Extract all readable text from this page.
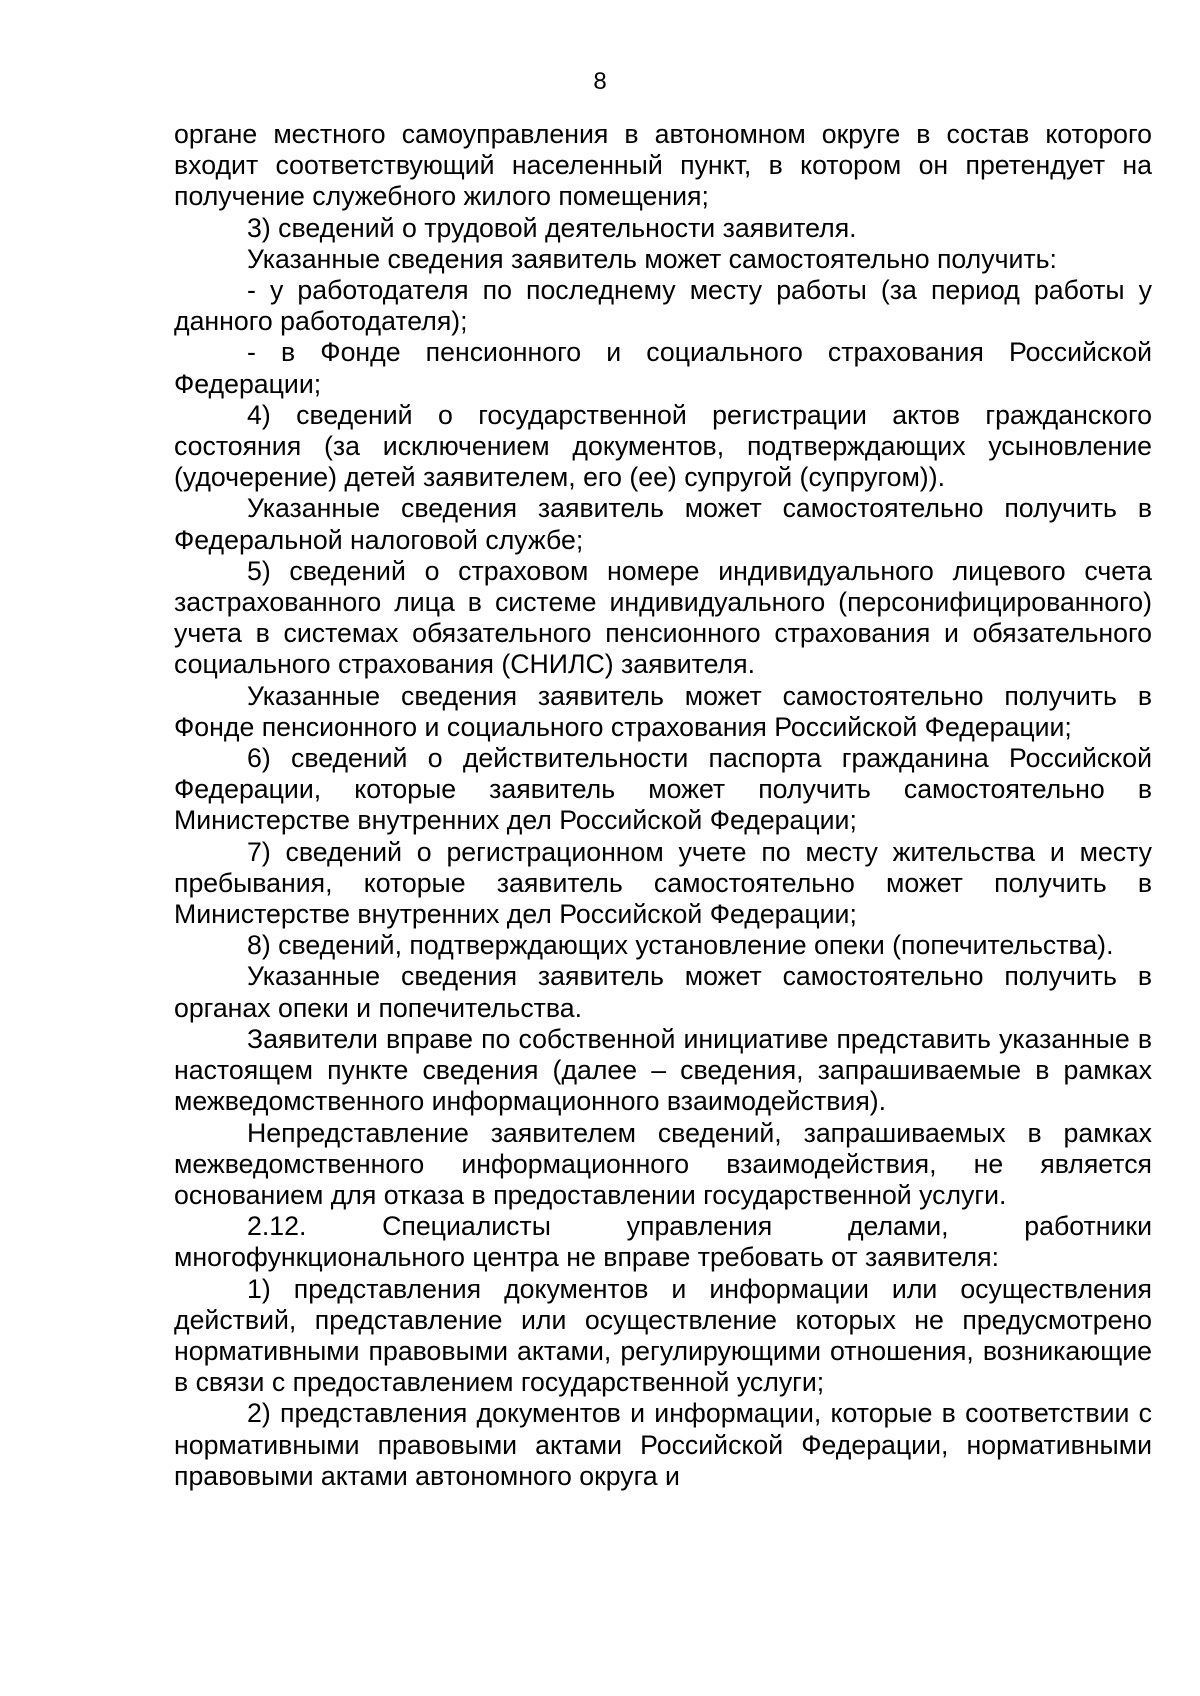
8

органе местного самоуправления в автономном округе в состав которого входит соответствующий населенный пункт, в котором он претендует на получение служебного жилого помещения;

3) сведений о трудовой деятельности заявителя.

Указанные сведения заявитель может самостоятельно получить:

- у работодателя по последнему месту работы (за период работы у данного работодателя);

- в Фонде пенсионного и социального страхования Российской Федерации;

4) сведений о государственной регистрации актов гражданского состояния (за исключением документов, подтверждающих усыновление (удочерение) детей заявителем, его (ее) супругой (супругом)).

Указанные сведения заявитель может самостоятельно получить в Федеральной налоговой службе;

5) сведений о страховом номере индивидуального лицевого счета застрахованного лица в системе индивидуального (персонифицированного) учета в системах обязательного пенсионного страхования и обязательного социального страхования (СНИЛС) заявителя.

Указанные сведения заявитель может самостоятельно получить в Фонде пенсионного и социального страхования Российской Федерации;

6) сведений о действительности паспорта гражданина Российской Федерации, которые заявитель может получить самостоятельно в Министерстве внутренних дел Российской Федерации;

7) сведений о регистрационном учете по месту жительства и месту пребывания, которые заявитель самостоятельно может получить в Министерстве внутренних дел Российской Федерации;

8) сведений, подтверждающих установление опеки (попечительства).

Указанные сведения заявитель может самостоятельно получить в органах опеки и попечительства.

Заявители вправе по собственной инициативе представить указанные в настоящем пункте сведения (далее – сведения, запрашиваемые в рамках межведомственного информационного взаимодействия).

Непредставление заявителем сведений, запрашиваемых в рамках межведомственного информационного взаимодействия, не является основанием для отказа в предоставлении государственной услуги.

2.12. Специалисты управления делами, работники многофункционального центра не вправе требовать от заявителя:

1) представления документов и информации или осуществления действий, представление или осуществление которых не предусмотрено нормативными правовыми актами, регулирующими отношения, возникающие в связи с предоставлением государственной услуги;

2) представления документов и информации, которые в соответствии с нормативными правовыми актами Российской Федерации, нормативными правовыми актами автономного округа и
